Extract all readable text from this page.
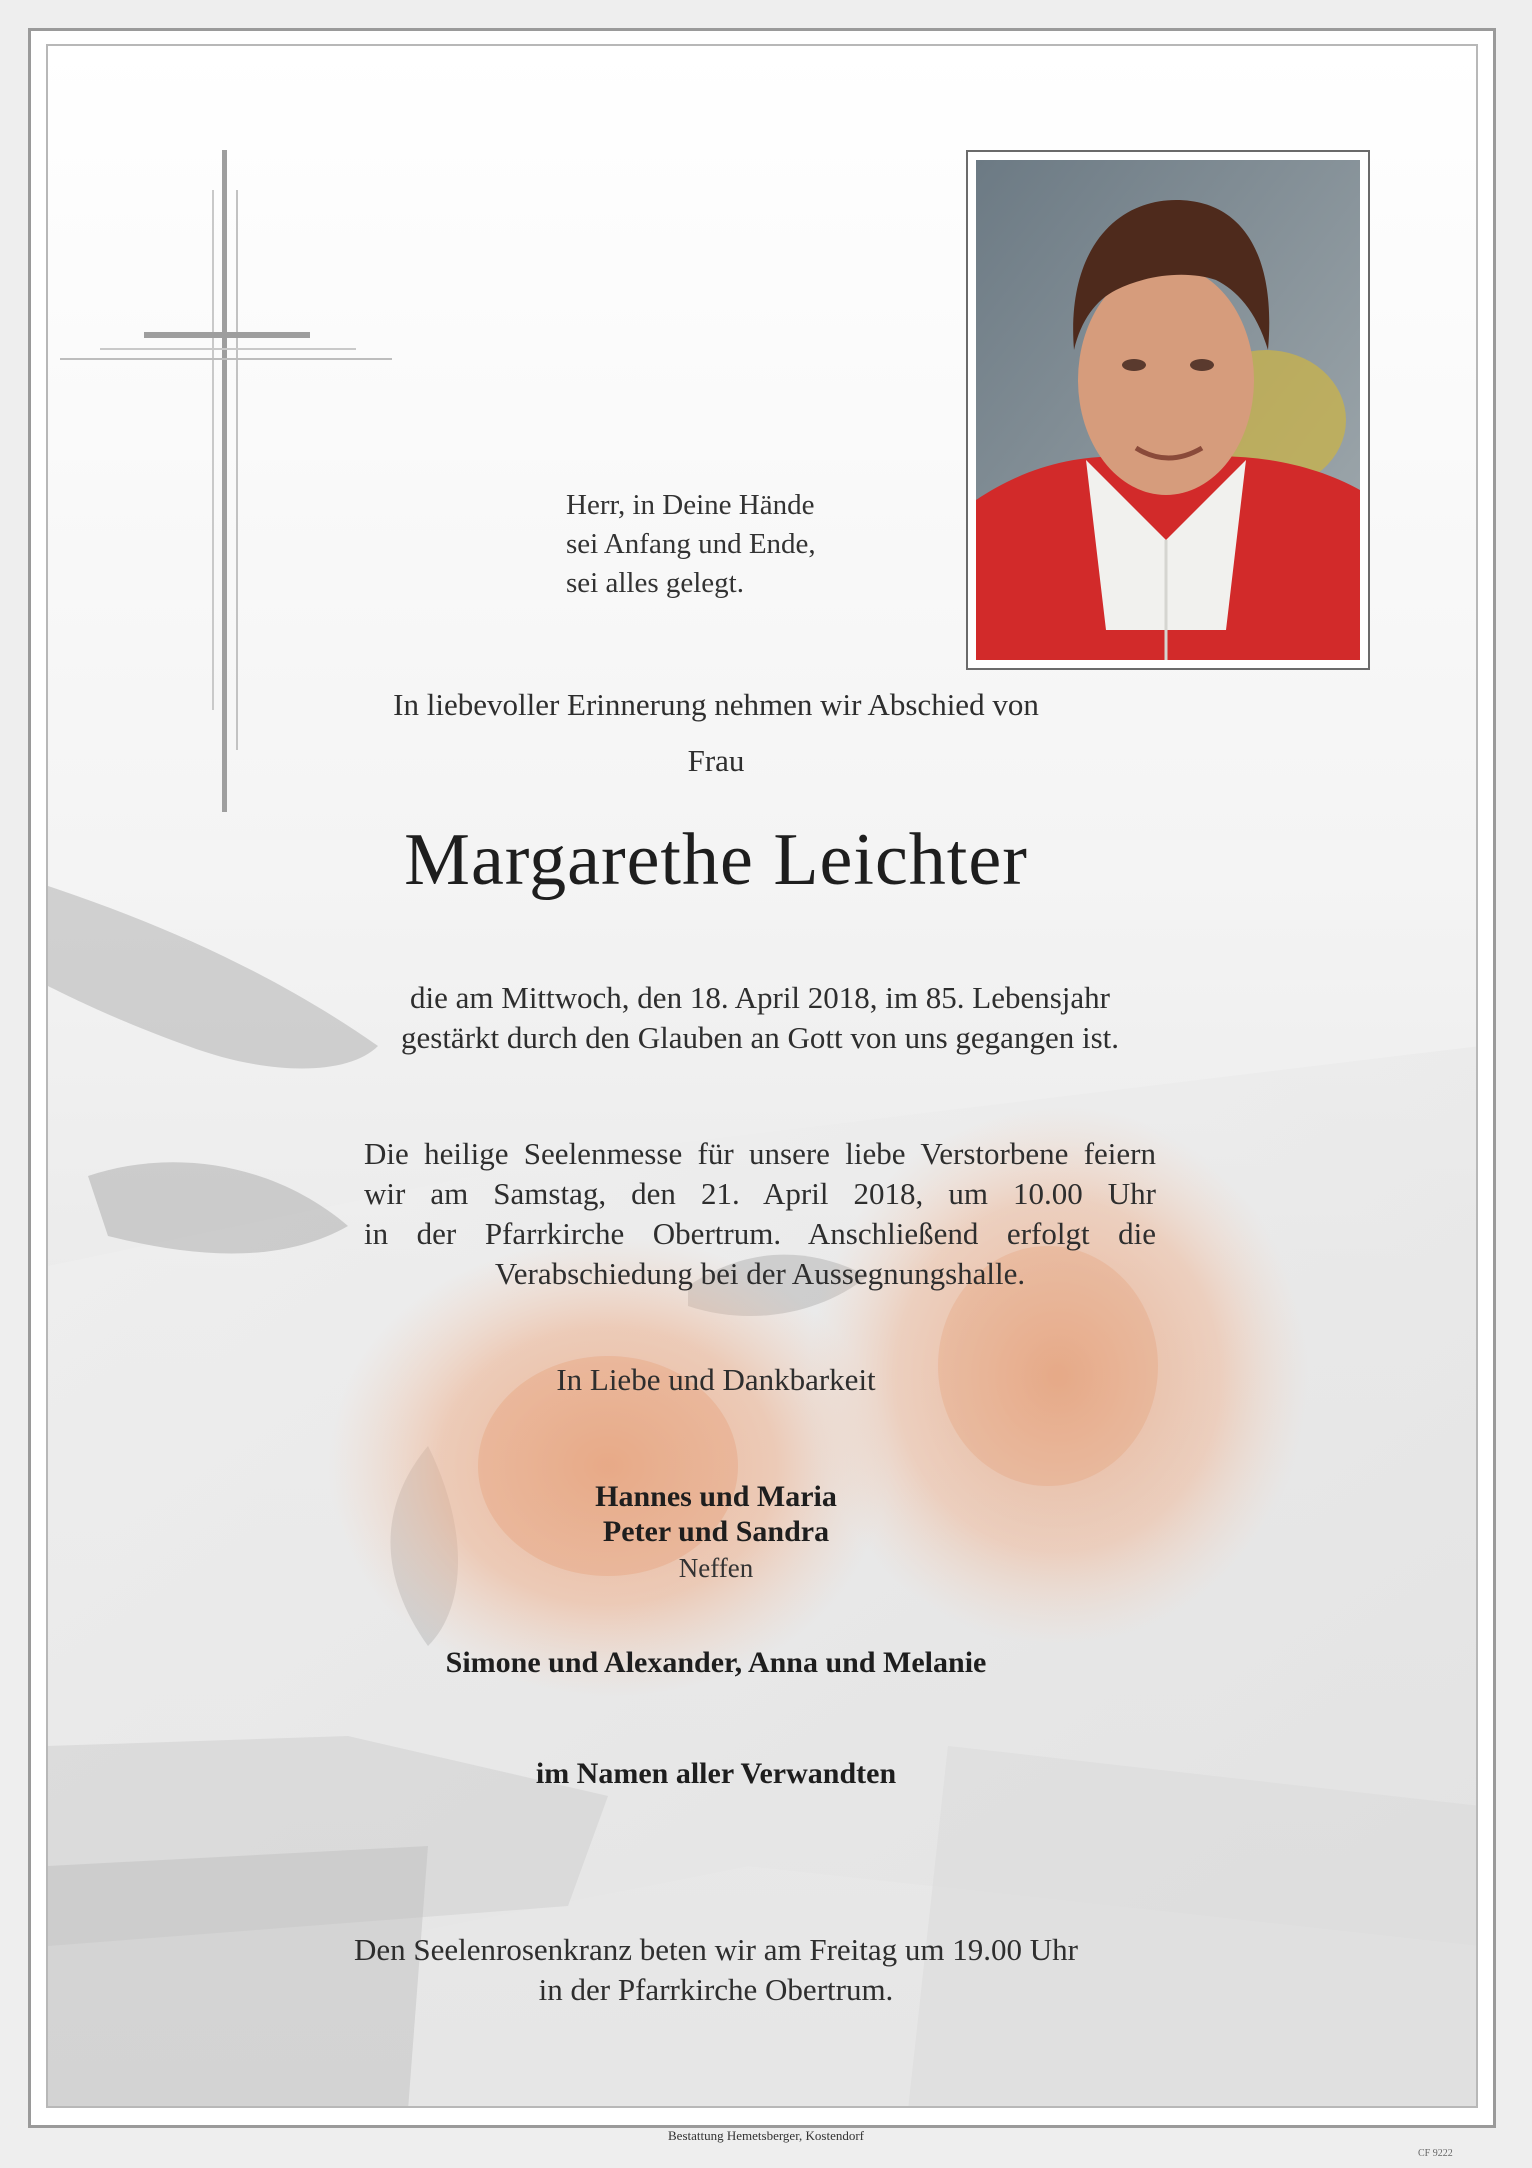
Herr, in Deine Hände
sei Anfang und Ende,
sei alles gelegt.
In liebevoller Erinnerung nehmen wir Abschied von
Frau
Margarethe Leichter
die am Mittwoch, den 18. April 2018, im 85. Lebensjahr
gestärkt durch den Glauben an Gott von uns gegangen ist.
Die heilige Seelenmesse für unsere liebe Verstorbene feiern
wir am Samstag, den 21. April 2018, um 10.00 Uhr
in der Pfarrkirche Obertrum. Anschließend erfolgt die
Verabschiedung bei der Aussegnungshalle.
In Liebe und Dankbarkeit
Hannes und Maria
Peter und Sandra
Neffen
Simone und Alexander, Anna und Melanie
im Namen aller Verwandten
Den Seelenrosenkranz beten wir am Freitag um 19.00 Uhr
in der Pfarrkirche Obertrum.
Bestattung Hemetsberger, Kostendorf
CF 9222
